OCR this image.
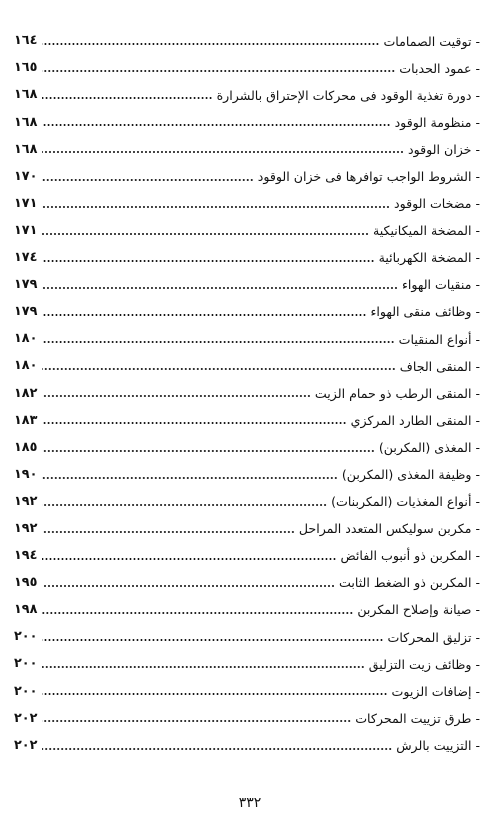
- توقيت الصمامات
١٦٤
- عمود الحدبات
١٦٥
- دورة تغذية الوقود فى محركات الإحتراق بالشرارة
١٦٨
- منظومة الوقود
١٦٨
- خزان الوقود
١٦٨
- الشروط الواجب توافرها فى خزان الوقود
١٧٠
- مضخات الوقود
١٧١
- المضخة الميكانيكية
١٧١
- المضخة الكهربائية
١٧٤
- منقيات الهواء
١٧٩
- وظائف منقى الهواء
١٧٩
- أنواع المنقيات
١٨٠
- المنقى الجاف
١٨٠
- المنقى الرطب ذو حمام الزيت
١٨٢
- المنقى الطارد المركزي
١٨٣
- المغذى (المكربن)
١٨٥
- وظيفة المغذى (المكربن)
١٩٠
- أنواع المغذيات (المكربنات)
١٩٢
- مكربن سوليكس المتعدد المراحل
١٩٢
- المكربن ذو أنبوب الفائض
١٩٤
- المكربن ذو الضغط الثابت
١٩٥
- صيانة وإصلاح المكربن
١٩٨
- تزليق المحركات
٢٠٠
- وظائف زيت التزليق
٢٠٠
- إضافات الزيوت
٢٠٠
- طرق تزييت المحركات
٢٠٢
- التزييت بالرش
٢٠٢
٣٣٢
